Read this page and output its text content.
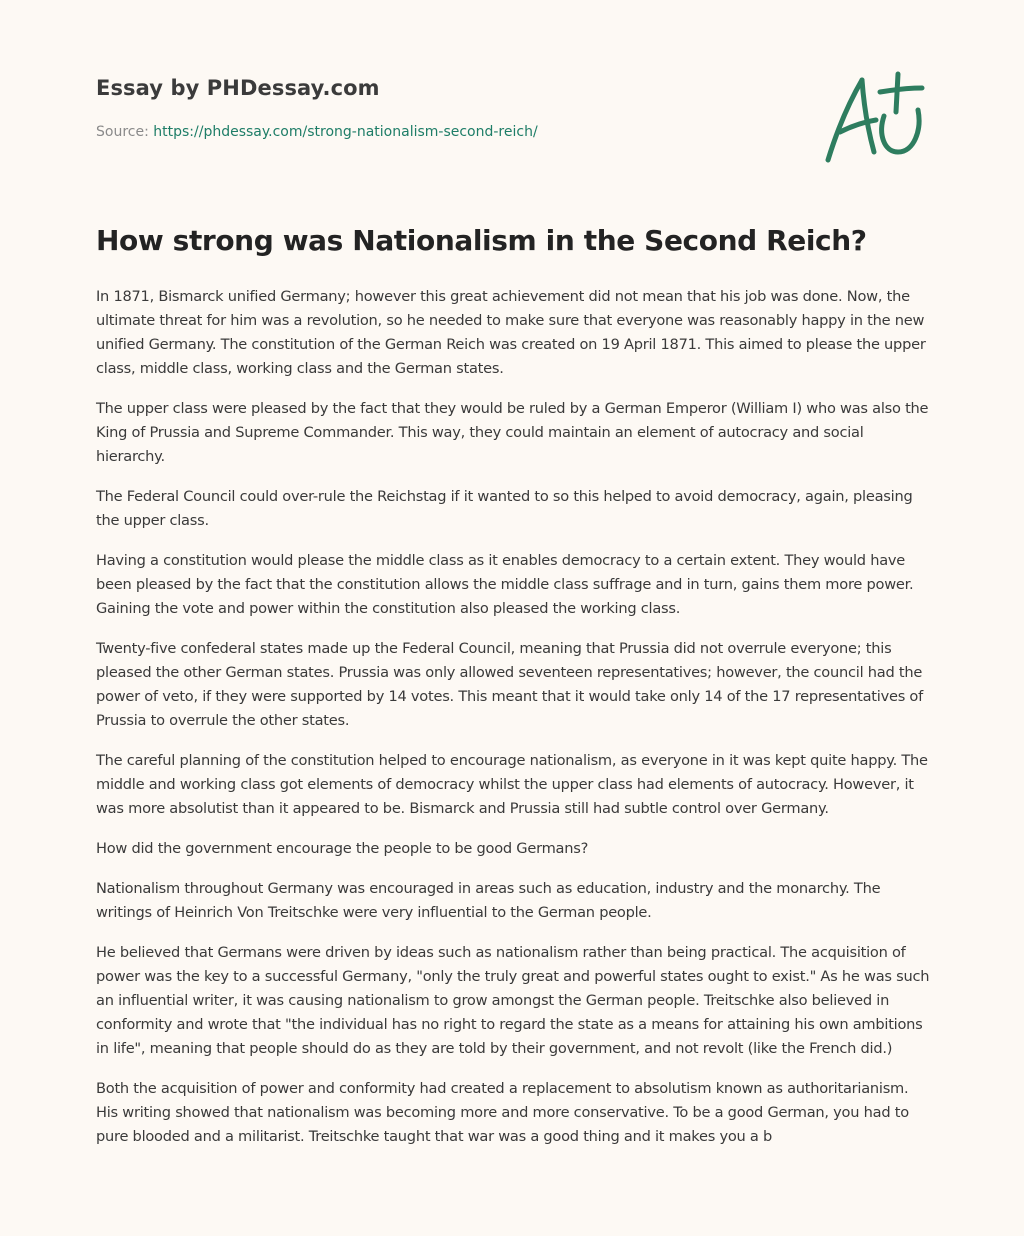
Essay by PHDessay.com
Source: https://phdessay.com/strong-nationalism-second-reich/
How strong was Nationalism in the Second Reich?

In 1871, Bismarck unified Germany; however this great achievement did not mean that his job was done. Now, the ultimate threat for him was a revolution, so he needed to make sure that everyone was reasonably happy in the new unified Germany. The constitution of the German Reich was created on 19 April 1871. This aimed to please the upper class, middle class, working class and the German states.

The upper class were pleased by the fact that they would be ruled by a German Emperor (William I) who was also the King of Prussia and Supreme Commander. This way, they could maintain an element of autocracy and social hierarchy.

The Federal Council could over-rule the Reichstag if it wanted to so this helped to avoid democracy, again, pleasing the upper class.

Having a constitution would please the middle class as it enables democracy to a certain extent. They would have been pleased by the fact that the constitution allows the middle class suffrage and in turn, gains them more power. Gaining the vote and power within the constitution also pleased the working class.

Twenty-five confederal states made up the Federal Council, meaning that Prussia did not overrule everyone; this pleased the other German states. Prussia was only allowed seventeen representatives; however, the council had the power of veto, if they were supported by 14 votes. This meant that it would take only 14 of the 17 representatives of Prussia to overrule the other states.

The careful planning of the constitution helped to encourage nationalism, as everyone in it was kept quite happy. The middle and working class got elements of democracy whilst the upper class had elements of autocracy. However, it was more absolutist than it appeared to be. Bismarck and Prussia still had subtle control over Germany.

How did the government encourage the people to be good Germans?

Nationalism throughout Germany was encouraged in areas such as education, industry and the monarchy. The writings of Heinrich Von Treitschke were very influential to the German people.

He believed that Germans were driven by ideas such as nationalism rather than being practical. The acquisition of power was the key to a successful Germany, "only the truly great and powerful states ought to exist." As he was such an influential writer, it was causing nationalism to grow amongst the German people. Treitschke also believed in conformity and wrote that "the individual has no right to regard the state as a means for attaining his own ambitions in life", meaning that people should do as they are told by their government, and not revolt (like the French did.)

Both the acquisition of power and conformity had created a replacement to absolutism known as authoritarianism. His writing showed that nationalism was becoming more and more conservative. To be a good German, you had to pure blooded and a militarist. Treitschke taught that war was a good thing and it makes you a b
